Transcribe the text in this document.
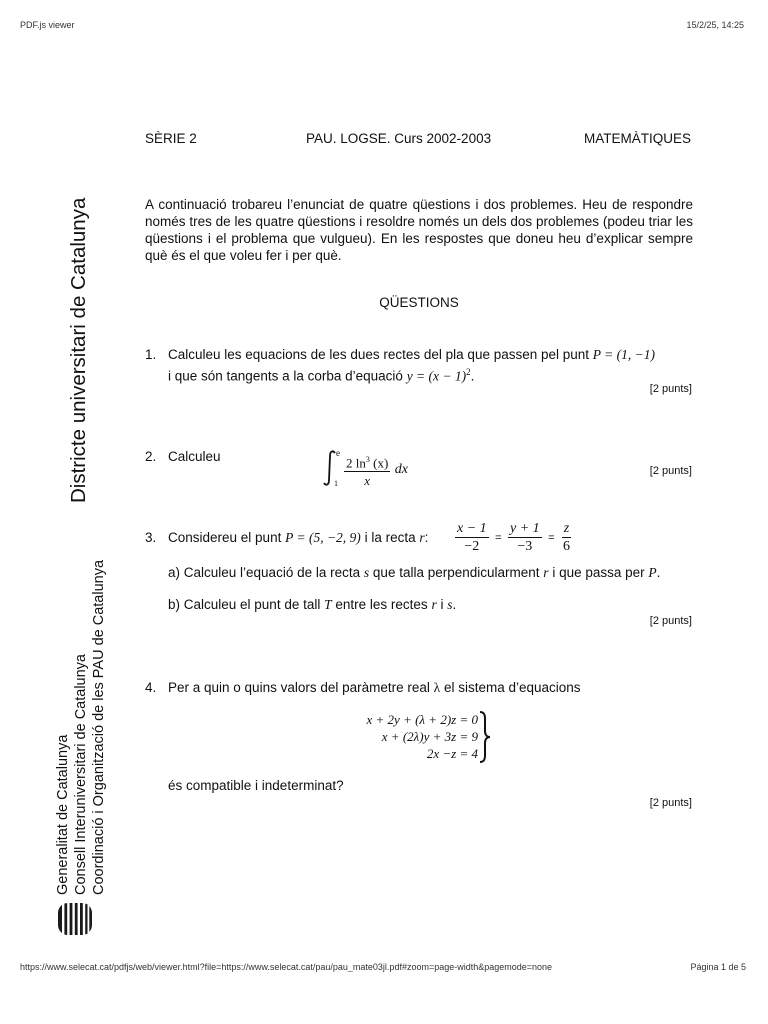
PDF.js viewer	15/2/25, 14:25
Districte universitari de Catalunya
Generalitat de Catalunya Consell Interuniversitari de Catalunya Coordinació i Organització de les PAU de Catalunya
SÈRIE 2	PAU. LOGSE. Curs 2002-2003	MATEMÀTIQUES
A continuació trobareu l’enunciat de quatre qüestions i dos problemes. Heu de respondre només tres de les quatre qüestions i resoldre només un dels dos problemes (podeu triar les qüestions i el problema que vulgueu). En les respostes que doneu heu d’explicar sempre què és el que voleu fer i per què.
QÜESTIONS
1. Calculeu les equacions de les dues rectes del pla que passen pel punt P = (1, −1)
i que són tangents a la corba d’equació $y = (x - 1)^2$.
[2 punts]
2. Calculeu	e
$1 \frac{2 \ln^3 (x)}{x}$ dx	[2 punts]
3. Considereu el punt P = (5, −2, 9) i la recta r: $\frac{x - 1}{-2} = \frac{y + 1}{-3} = \frac{z}{6}$
a) Calculeu l’equació de la recta s que talla perpendicularment r i que passa per P.
b) Calculeu el punt de tall T entre les rectes r i s.
[2 punts]
4. Per a quin o quins valors del paràmetre real λ el sistema d’equacions
x + 2y + (λ + 2)z = 0
x + (2λ)y + 3z = 9
2x −z = 4
és compatible i indeterminat?
[2 punts]
https://www.selecat.cat/pdfjs/web/viewer.html?file=https://www.selecat.cat/pau/pau_mate03jl.pdf#zoom=page-width&pagemode=none	Página 1 de 5
